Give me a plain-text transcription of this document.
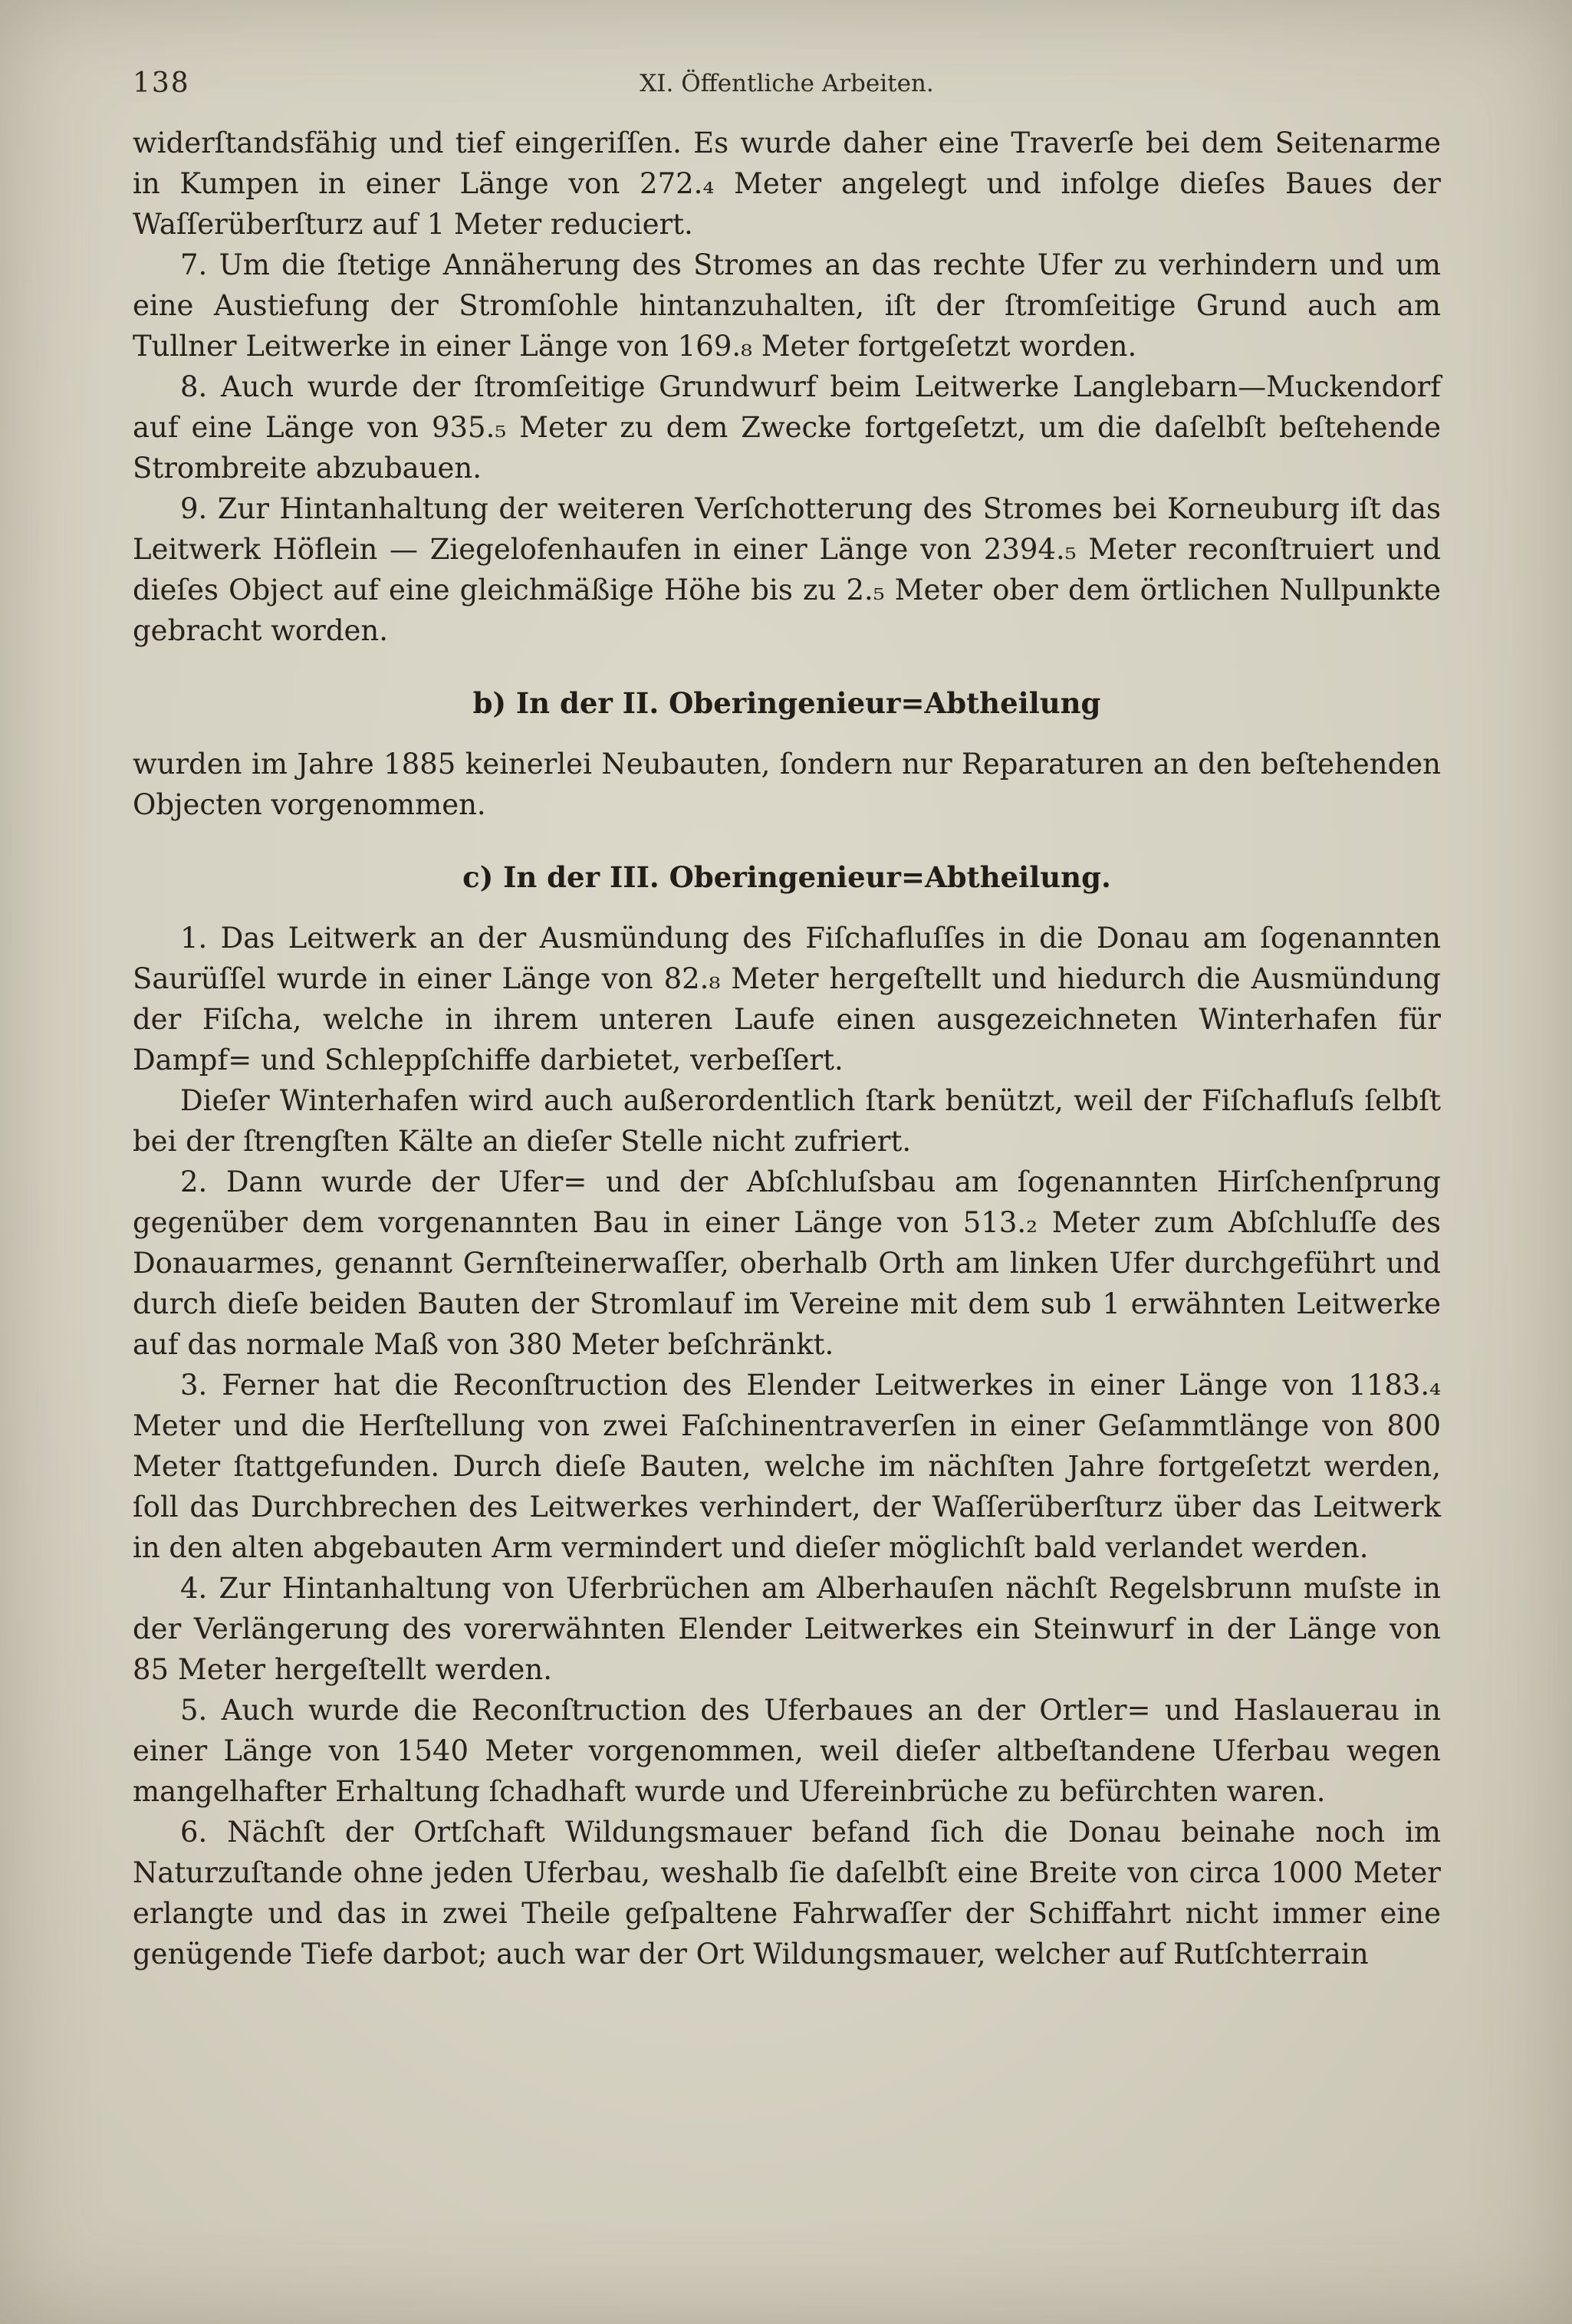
138	XI. Öffentliche Arbeiten.

widerſtandsfähig und tief eingeriſſen. Es wurde daher eine Traverſe bei dem Seitenarme in Kumpen in einer Länge von 272.₄ Meter angelegt und infolge dieſes Baues der Waſſerüberſturz auf 1 Meter reduciert.

7. Um die ſtetige Annäherung des Stromes an das rechte Ufer zu verhindern und um eine Austiefung der Stromſohle hintanzuhalten, iſt der ſtromſeitige Grund auch am Tullner Leitwerke in einer Länge von 169.₈ Meter fortgeſetzt worden.

8. Auch wurde der ſtromſeitige Grundwurf beim Leitwerke Langlebarn—Muckendorf auf eine Länge von 935.₅ Meter zu dem Zwecke fortgeſetzt, um die daſelbſt beſtehende Strombreite abzubauen.

9. Zur Hintanhaltung der weiteren Verſchotterung des Stromes bei Korneuburg iſt das Leitwerk Höflein — Ziegelofenhaufen in einer Länge von 2394.₅ Meter reconſtruiert und dieſes Object auf eine gleichmäßige Höhe bis zu 2.₅ Meter ober dem örtlichen Nullpunkte gebracht worden.

b) In der II. Oberingenieur=Abtheilung

wurden im Jahre 1885 keinerlei Neubauten, ſondern nur Reparaturen an den beſtehenden Objecten vorgenommen.

c) In der III. Oberingenieur=Abtheilung.

1. Das Leitwerk an der Ausmündung des Fiſchafluſſes in die Donau am ſogenannten Saurüſſel wurde in einer Länge von 82.₈ Meter hergeſtellt und hiedurch die Ausmündung der Fiſcha, welche in ihrem unteren Laufe einen ausgezeichneten Winterhafen für Dampf= und Schleppſchiffe darbietet, verbeſſert.

Dieſer Winterhafen wird auch außerordentlich ſtark benützt, weil der Fiſchafluſs ſelbſt bei der ſtrengſten Kälte an dieſer Stelle nicht zufriert.

2. Dann wurde der Ufer= und der Abſchluſsbau am ſogenannten Hirſchenſprung gegenüber dem vorgenannten Bau in einer Länge von 513.₂ Meter zum Abſchluſſe des Donauarmes, genannt Gernſteinerwaſſer, oberhalb Orth am linken Ufer durchgeführt und durch dieſe beiden Bauten der Stromlauf im Vereine mit dem sub 1 erwähnten Leitwerke auf das normale Maß von 380 Meter beſchränkt.

3. Ferner hat die Reconſtruction des Elender Leitwerkes in einer Länge von 1183.₄ Meter und die Herſtellung von zwei Faſchinentraverſen in einer Geſammtlänge von 800 Meter ſtattgefunden. Durch dieſe Bauten, welche im nächſten Jahre fortgeſetzt werden, ſoll das Durchbrechen des Leitwerkes verhindert, der Waſſerüberſturz über das Leitwerk in den alten abgebauten Arm vermindert und dieſer möglichſt bald verlandet werden.

4. Zur Hintanhaltung von Uferbrüchen am Alberhauſen nächſt Regelsbrunn muſste in der Verlängerung des vorerwähnten Elender Leitwerkes ein Steinwurf in der Länge von 85 Meter hergeſtellt werden.

5. Auch wurde die Reconſtruction des Uferbaues an der Ortler= und Haslauerau in einer Länge von 1540 Meter vorgenommen, weil dieſer altbeſtandene Uferbau wegen mangelhafter Erhaltung ſchadhaft wurde und Ufereinbrüche zu befürchten waren.

6. Nächſt der Ortſchaft Wildungsmauer befand ſich die Donau beinahe noch im Naturzuſtande ohne jeden Uferbau, weshalb ſie daſelbſt eine Breite von circa 1000 Meter erlangte und das in zwei Theile geſpaltene Fahrwaſſer der Schiffahrt nicht immer eine genügende Tiefe darbot; auch war der Ort Wildungsmauer, welcher auf Rutſchterrain
